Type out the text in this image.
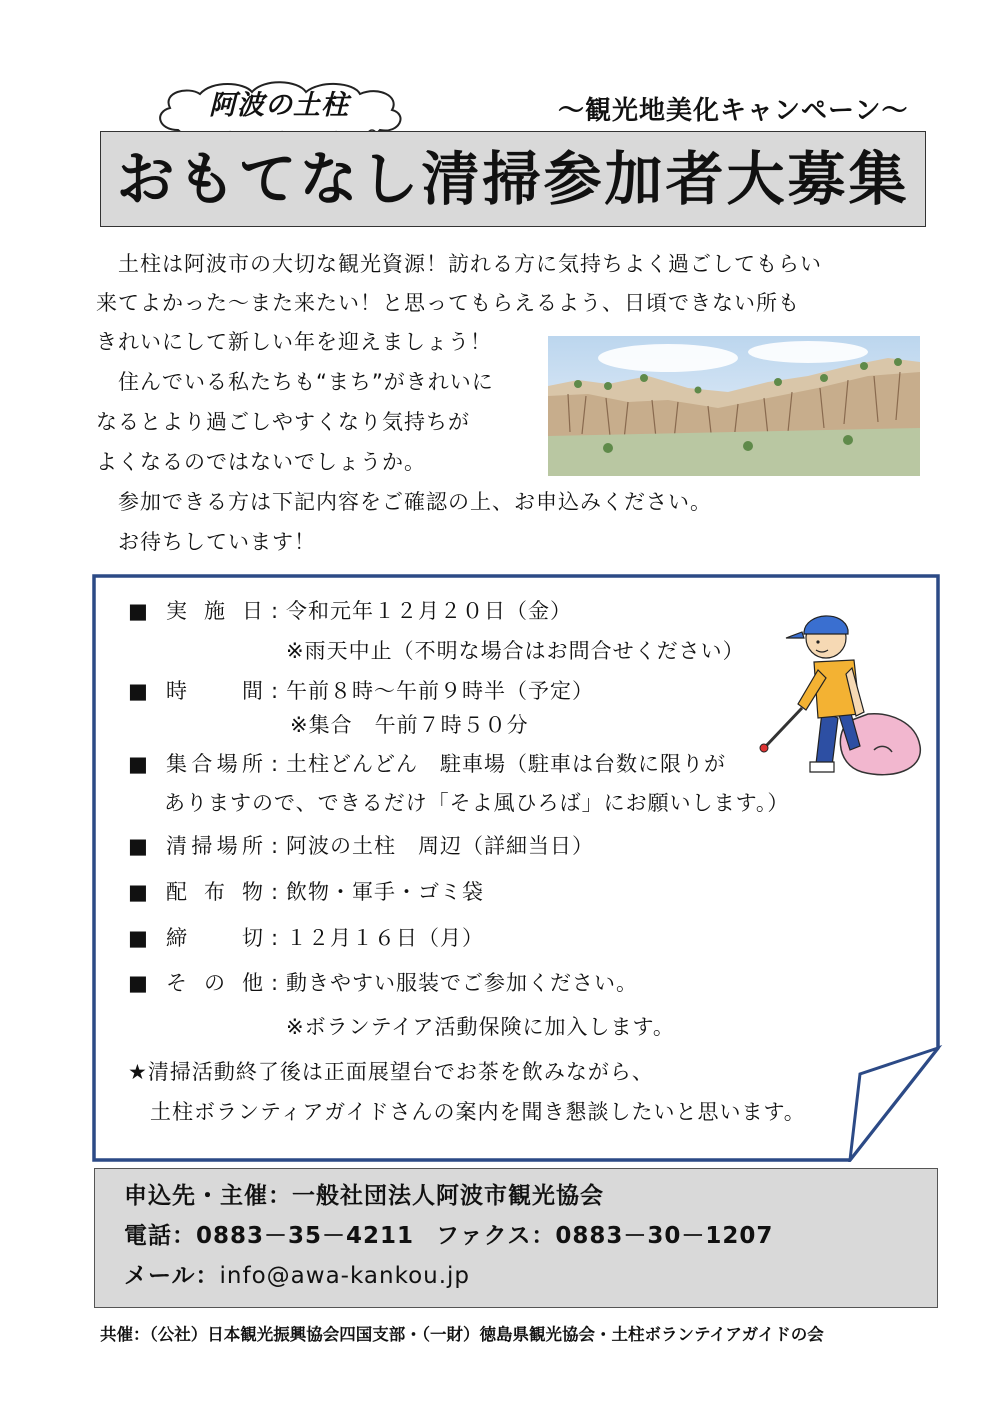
阿波の土柱	～観光地美化キャンペーン～
おもてなし清掃参加者大募集
　土柱は阿波市の大切な観光資源！訪れる方に気持ちよく過ごしてもらい
来てよかった～また来たい！と思ってもらえるよう、日頃できない所も
きれいにして新しい年を迎えましょう！
　住んでいる私たちも“まち”がきれいに
なるとより過ごしやすくなり気持ちが
よくなるのではないでしょうか。
　参加できる方は下記内容をご確認の上、お申込みください。
　お待ちしています！
■ 実施日 : 令和元年１２月２０日（金）
※雨天中止（不明な場合はお問合せください）
■ 時間 : 午前８時～午前９時半（予定）
※集合　午前７時５０分
■ 集合場所 : 土柱どんどん　駐車場（駐車は台数に限りが
ありますので、できるだけ「そよ風ひろば」にお願いします。）
■ 清掃場所 : 阿波の土柱　周辺（詳細当日）
■ 配布物 : 飲物・軍手・ゴミ袋
■ 締切 : １２月１６日（月）
■ その他 : 動きやすい服装でご参加ください。
※ボランテイア活動保険に加入します。
★清掃活動終了後は正面展望台でお茶を飲みながら、
　土柱ボランティアガイドさんの案内を聞き懇談したいと思います。
申込先・主催：一般社団法人阿波市観光協会
電話：0883－35－4211 ファクス：0883－30－1207
メール：info@awa-kankou.jp
共催：（公社）日本観光振興協会四国支部・（一財）徳島県観光協会・土柱ボランテイアガイドの会
